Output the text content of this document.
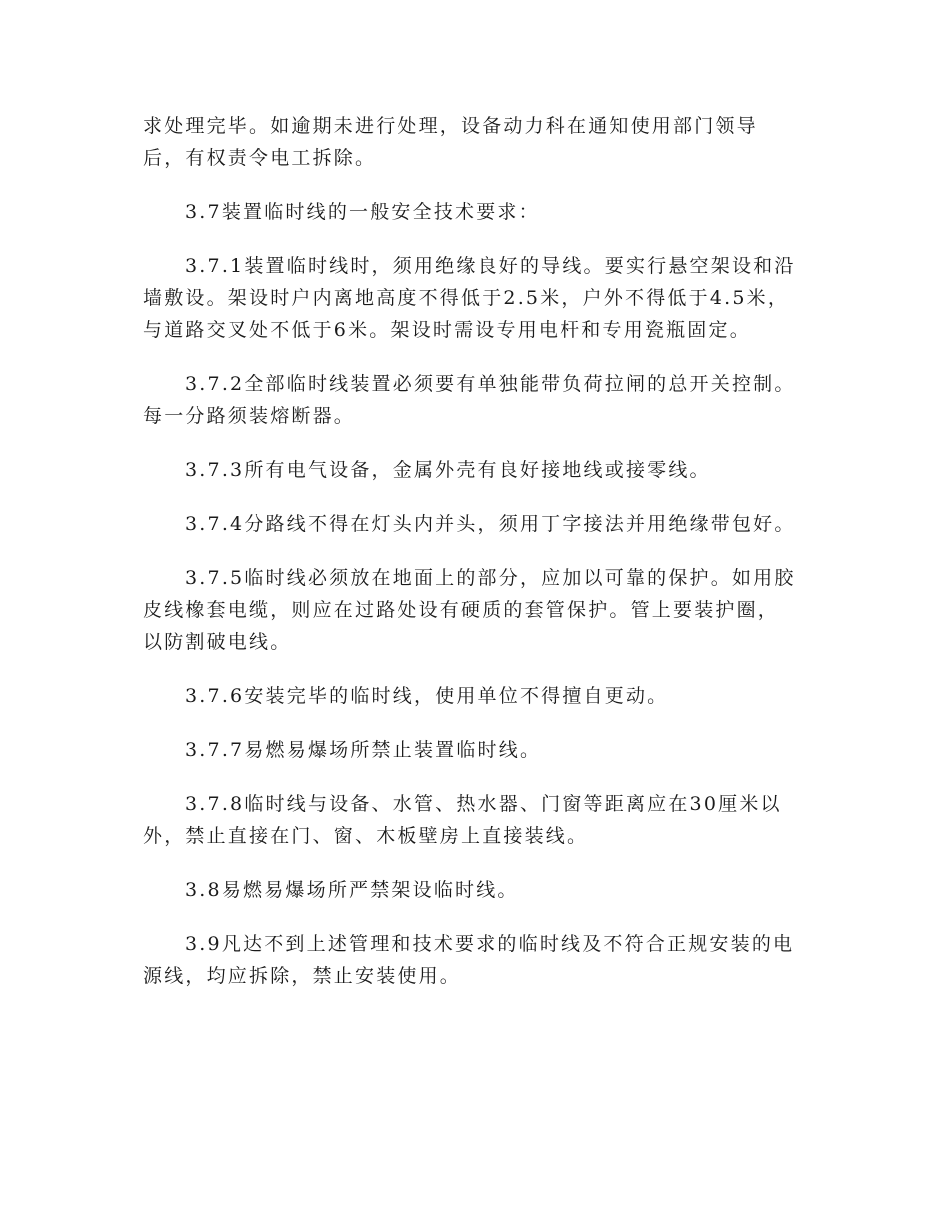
求处理完毕。如逾期未进行处理，设备动力科在通知使用部门领导
后，有权责令电工拆除。

3.7装置临时线的一般安全技术要求：

3.7.1装置临时线时，须用绝缘良好的导线。要实行悬空架设和沿
墙敷设。架设时户内离地高度不得低于2.5米，户外不得低于4.5米，
与道路交叉处不低于6米。架设时需设专用电杆和专用瓷瓶固定。

3.7.2全部临时线装置必须要有单独能带负荷拉闸的总开关控制。
每一分路须装熔断器。

3.7.3所有电气设备，金属外壳有良好接地线或接零线。

3.7.4分路线不得在灯头内并头，须用丁字接法并用绝缘带包好。

3.7.5临时线必须放在地面上的部分，应加以可靠的保护。如用胶
皮线橡套电缆，则应在过路处设有硬质的套管保护。管上要装护圈，
以防割破电线。

3.7.6安装完毕的临时线，使用单位不得擅自更动。

3.7.7易燃易爆场所禁止装置临时线。

3.7.8临时线与设备、水管、热水器、门窗等距离应在30厘米以
外，禁止直接在门、窗、木板壁房上直接装线。

3.8易燃易爆场所严禁架设临时线。

3.9凡达不到上述管理和技术要求的临时线及不符合正规安装的电
源线，均应拆除，禁止安装使用。
